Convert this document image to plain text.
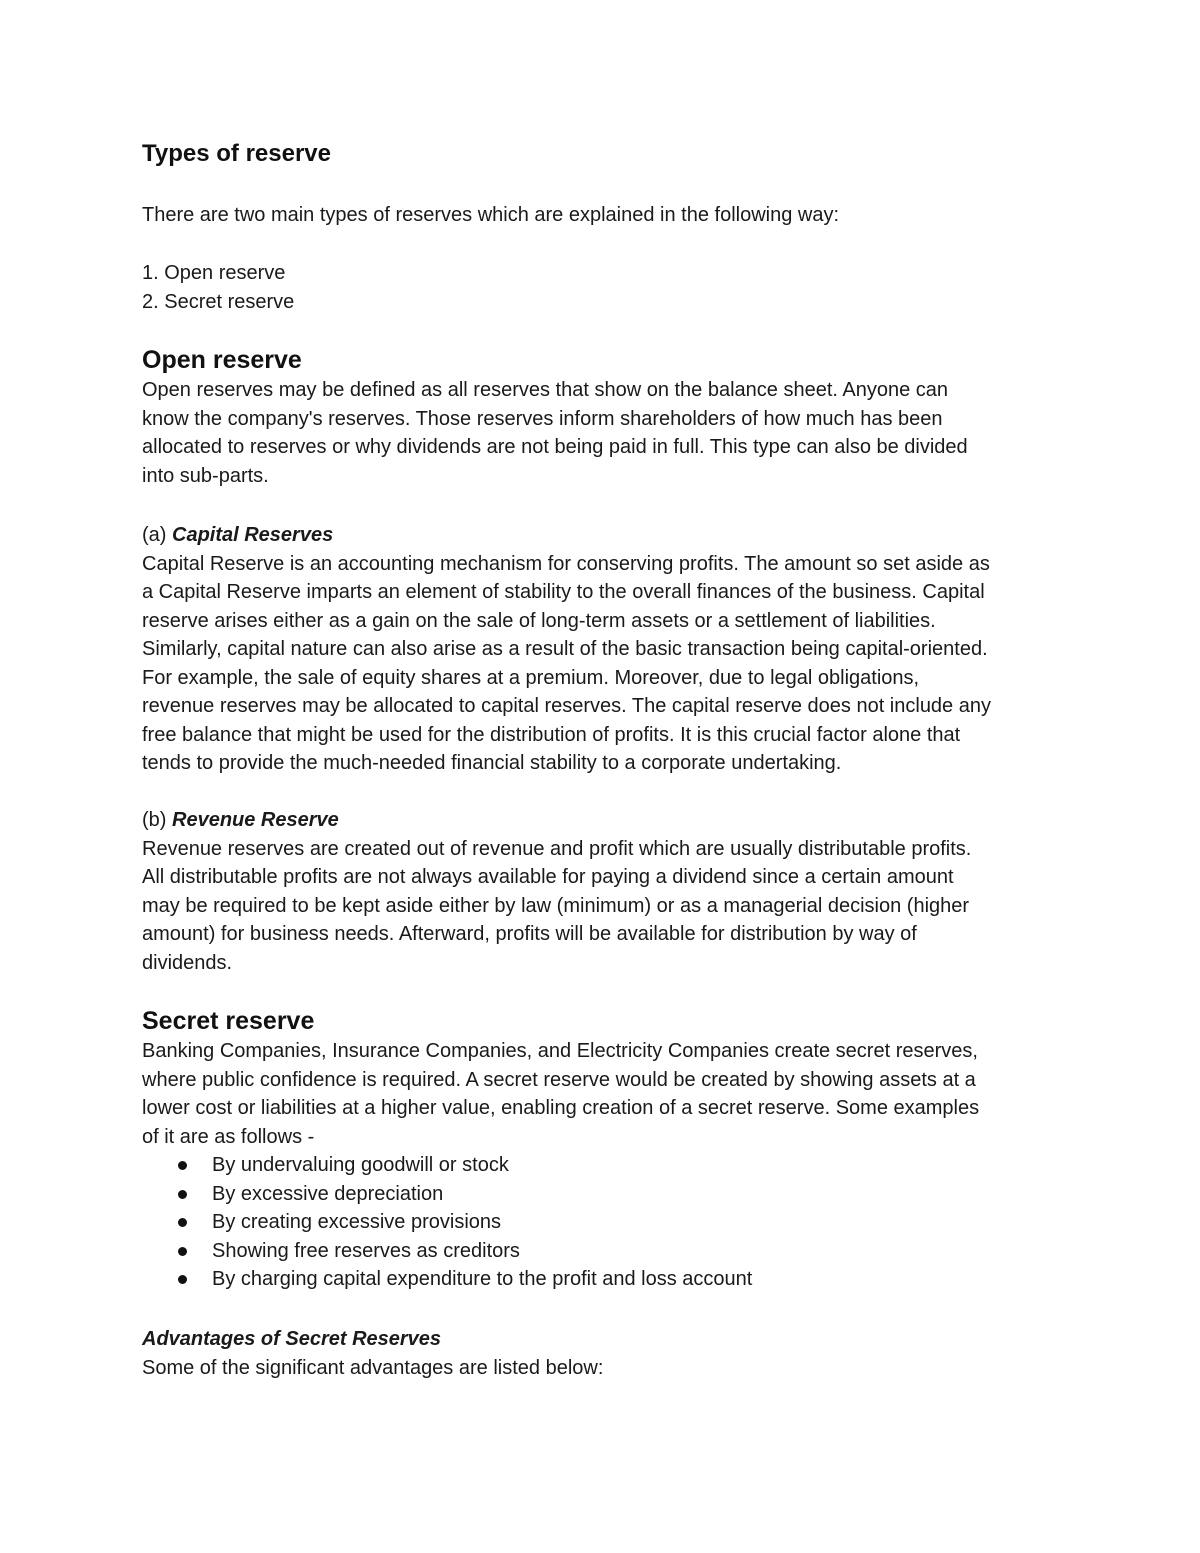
Types of reserve

There are two main types of reserves which are explained in the following way:

1. Open reserve

2. Secret reserve

Open reserve

Open reserves may be defined as all reserves that show on the balance sheet. Anyone can

know the company's reserves. Those reserves inform shareholders of how much has been

allocated to reserves or why dividends are not being paid in full. This type can also be divided

into sub-parts.

(a) Capital Reserves

Capital Reserve is an accounting mechanism for conserving profits. The amount so set aside as

a Capital Reserve imparts an element of stability to the overall finances of the business. Capital

reserve arises either as a gain on the sale of long-term assets or a settlement of liabilities.

Similarly, capital nature can also arise as a result of the basic transaction being capital-oriented.

For example, the sale of equity shares at a premium. Moreover, due to legal obligations,

revenue reserves may be allocated to capital reserves. The capital reserve does not include any

free balance that might be used for the distribution of profits. It is this crucial factor alone that

tends to provide the much-needed financial stability to a corporate undertaking.

(b) Revenue Reserve

Revenue reserves are created out of revenue and profit which are usually distributable profits.

All distributable profits are not always available for paying a dividend since a certain amount

may be required to be kept aside either by law (minimum) or as a managerial decision (higher

amount) for business needs. Afterward, profits will be available for distribution by way of

dividends.

Secret reserve

Banking Companies, Insurance Companies, and Electricity Companies create secret reserves,

where public confidence is required. A secret reserve would be created by showing assets at a

lower cost or liabilities at a higher value, enabling creation of a secret reserve. Some examples

of it are as follows -

By undervaluing goodwill or stock
By excessive depreciation
By creating excessive provisions
Showing free reserves as creditors
By charging capital expenditure to the profit and loss account

Advantages of Secret Reserves

Some of the significant advantages are listed below:
